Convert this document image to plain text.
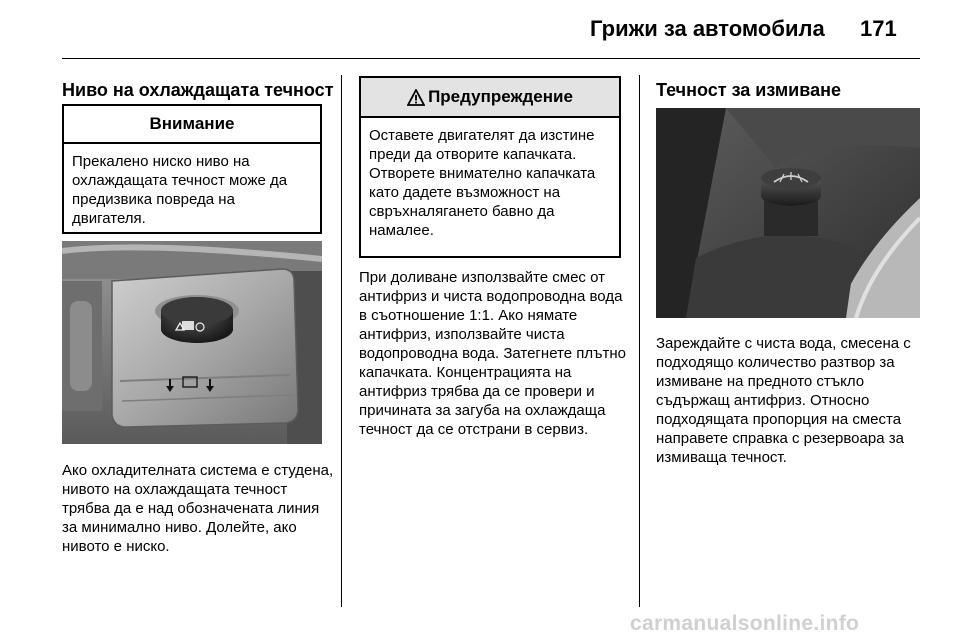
Грижи за автомобила 171
Ниво на охлаждащата течност
Внимание
Прекалено ниско ниво на охлаждащата течност може да предизвика повреда на двигателя.
Ако охладителната система е студена, нивото на охлаждащата течност трябва да е над обозначената линия за минимално ниво. Долейте, ако нивото е ниско.
Предупреждение
Оставете двигателят да изстине преди да отворите капачката. Отворете внимателно капачката като дадете възможност на свръхналягането бавно да намалее.
При доливане използвайте смес от антифриз и чиста водопроводна вода в съотношение 1:1. Ако нямате антифриз, използвайте чиста водопроводна вода. Затегнете плътно капачката. Концентрацията на антифриз трябва да се провери и причината за загуба на охлаждаща течност да се отстрани в сервиз.
Течност за измиване
Зареждайте с чиста вода, смесена с подходящо количество разтвор за измиване на предното стъкло съдържащ антифриз. Относно подходящата пропорция на сместа направете справка с резервоара за измиваща течност.
carmanualsonline.info
